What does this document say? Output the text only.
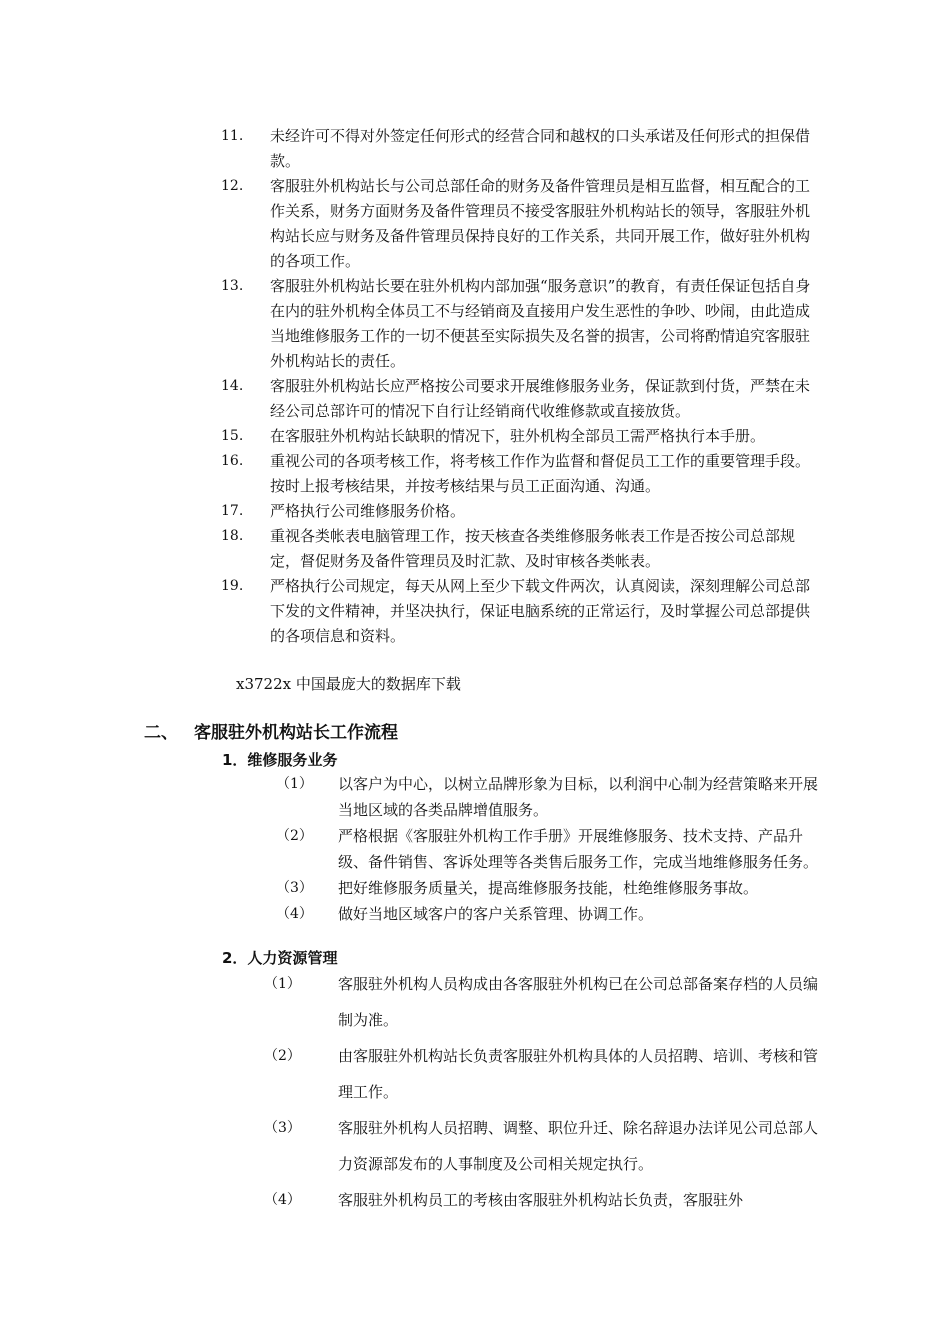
11. 未经许可不得对外签定任何形式的经营合同和越权的口头承诺及任何形式的担保借款。
12. 客服驻外机构站长与公司总部任命的财务及备件管理员是相互监督，相互配合的工作关系，财务方面财务及备件管理员不接受客服驻外机构站长的领导，客服驻外机构站长应与财务及备件管理员保持良好的工作关系，共同开展工作，做好驻外机构的各项工作。
13. 客服驻外机构站长要在驻外机构内部加强“服务意识”的教育，有责任保证包括自身在内的驻外机构全体员工不与经销商及直接用户发生恶性的争吵、吵闹，由此造成当地维修服务工作的一切不便甚至实际损失及名誉的损害，公司将酌情追究客服驻外机构站长的责任。
14. 客服驻外机构站长应严格按公司要求开展维修服务业务，保证款到付货，严禁在未经公司总部许可的情况下自行让经销商代收维修款或直接放货。
15. 在客服驻外机构站长缺职的情况下，驻外机构全部员工需严格执行本手册。
16. 重视公司的各项考核工作，将考核工作作为监督和督促员工工作的重要管理手段。按时上报考核结果，并按考核结果与员工正面沟通、沟通。
17. 严格执行公司维修服务价格。
18. 重视各类帐表电脑管理工作，按天核查各类维修服务帐表工作是否按公司总部规定，督促财务及备件管理员及时汇款、及时审核各类帐表。
19. 严格执行公司规定，每天从网上至少下载文件两次，认真阅读，深刻理解公司总部下发的文件精神，并坚决执行，保证电脑系统的正常运行，及时掌握公司总部提供的各项信息和资料。
x3722x 中国最庞大的数据库下载
二、 客服驻外机构站长工作流程
1．维修服务业务
（1） 以客户为中心，以树立品牌形象为目标，以利润中心制为经营策略来开展当地区域的各类品牌增值服务。
（2） 严格根据《客服驻外机构工作手册》开展维修服务、技术支持、产品升级、备件销售、客诉处理等各类售后服务工作，完成当地维修服务任务。
（3） 把好维修服务质量关，提高维修服务技能，杜绝维修服务事故。
（4） 做好当地区域客户的客户关系管理、协调工作。
2．人力资源管理
（1） 客服驻外机构人员构成由各客服驻外机构已在公司总部备案存档的人员编制为准。
（2） 由客服驻外机构站长负责客服驻外机构具体的人员招聘、培训、考核和管理工作。
（3） 客服驻外机构人员招聘、调整、职位升迁、除名辞退办法详见公司总部人力资源部发布的人事制度及公司相关规定执行。
（4） 客服驻外机构员工的考核由客服驻外机构站长负责，客服驻外
